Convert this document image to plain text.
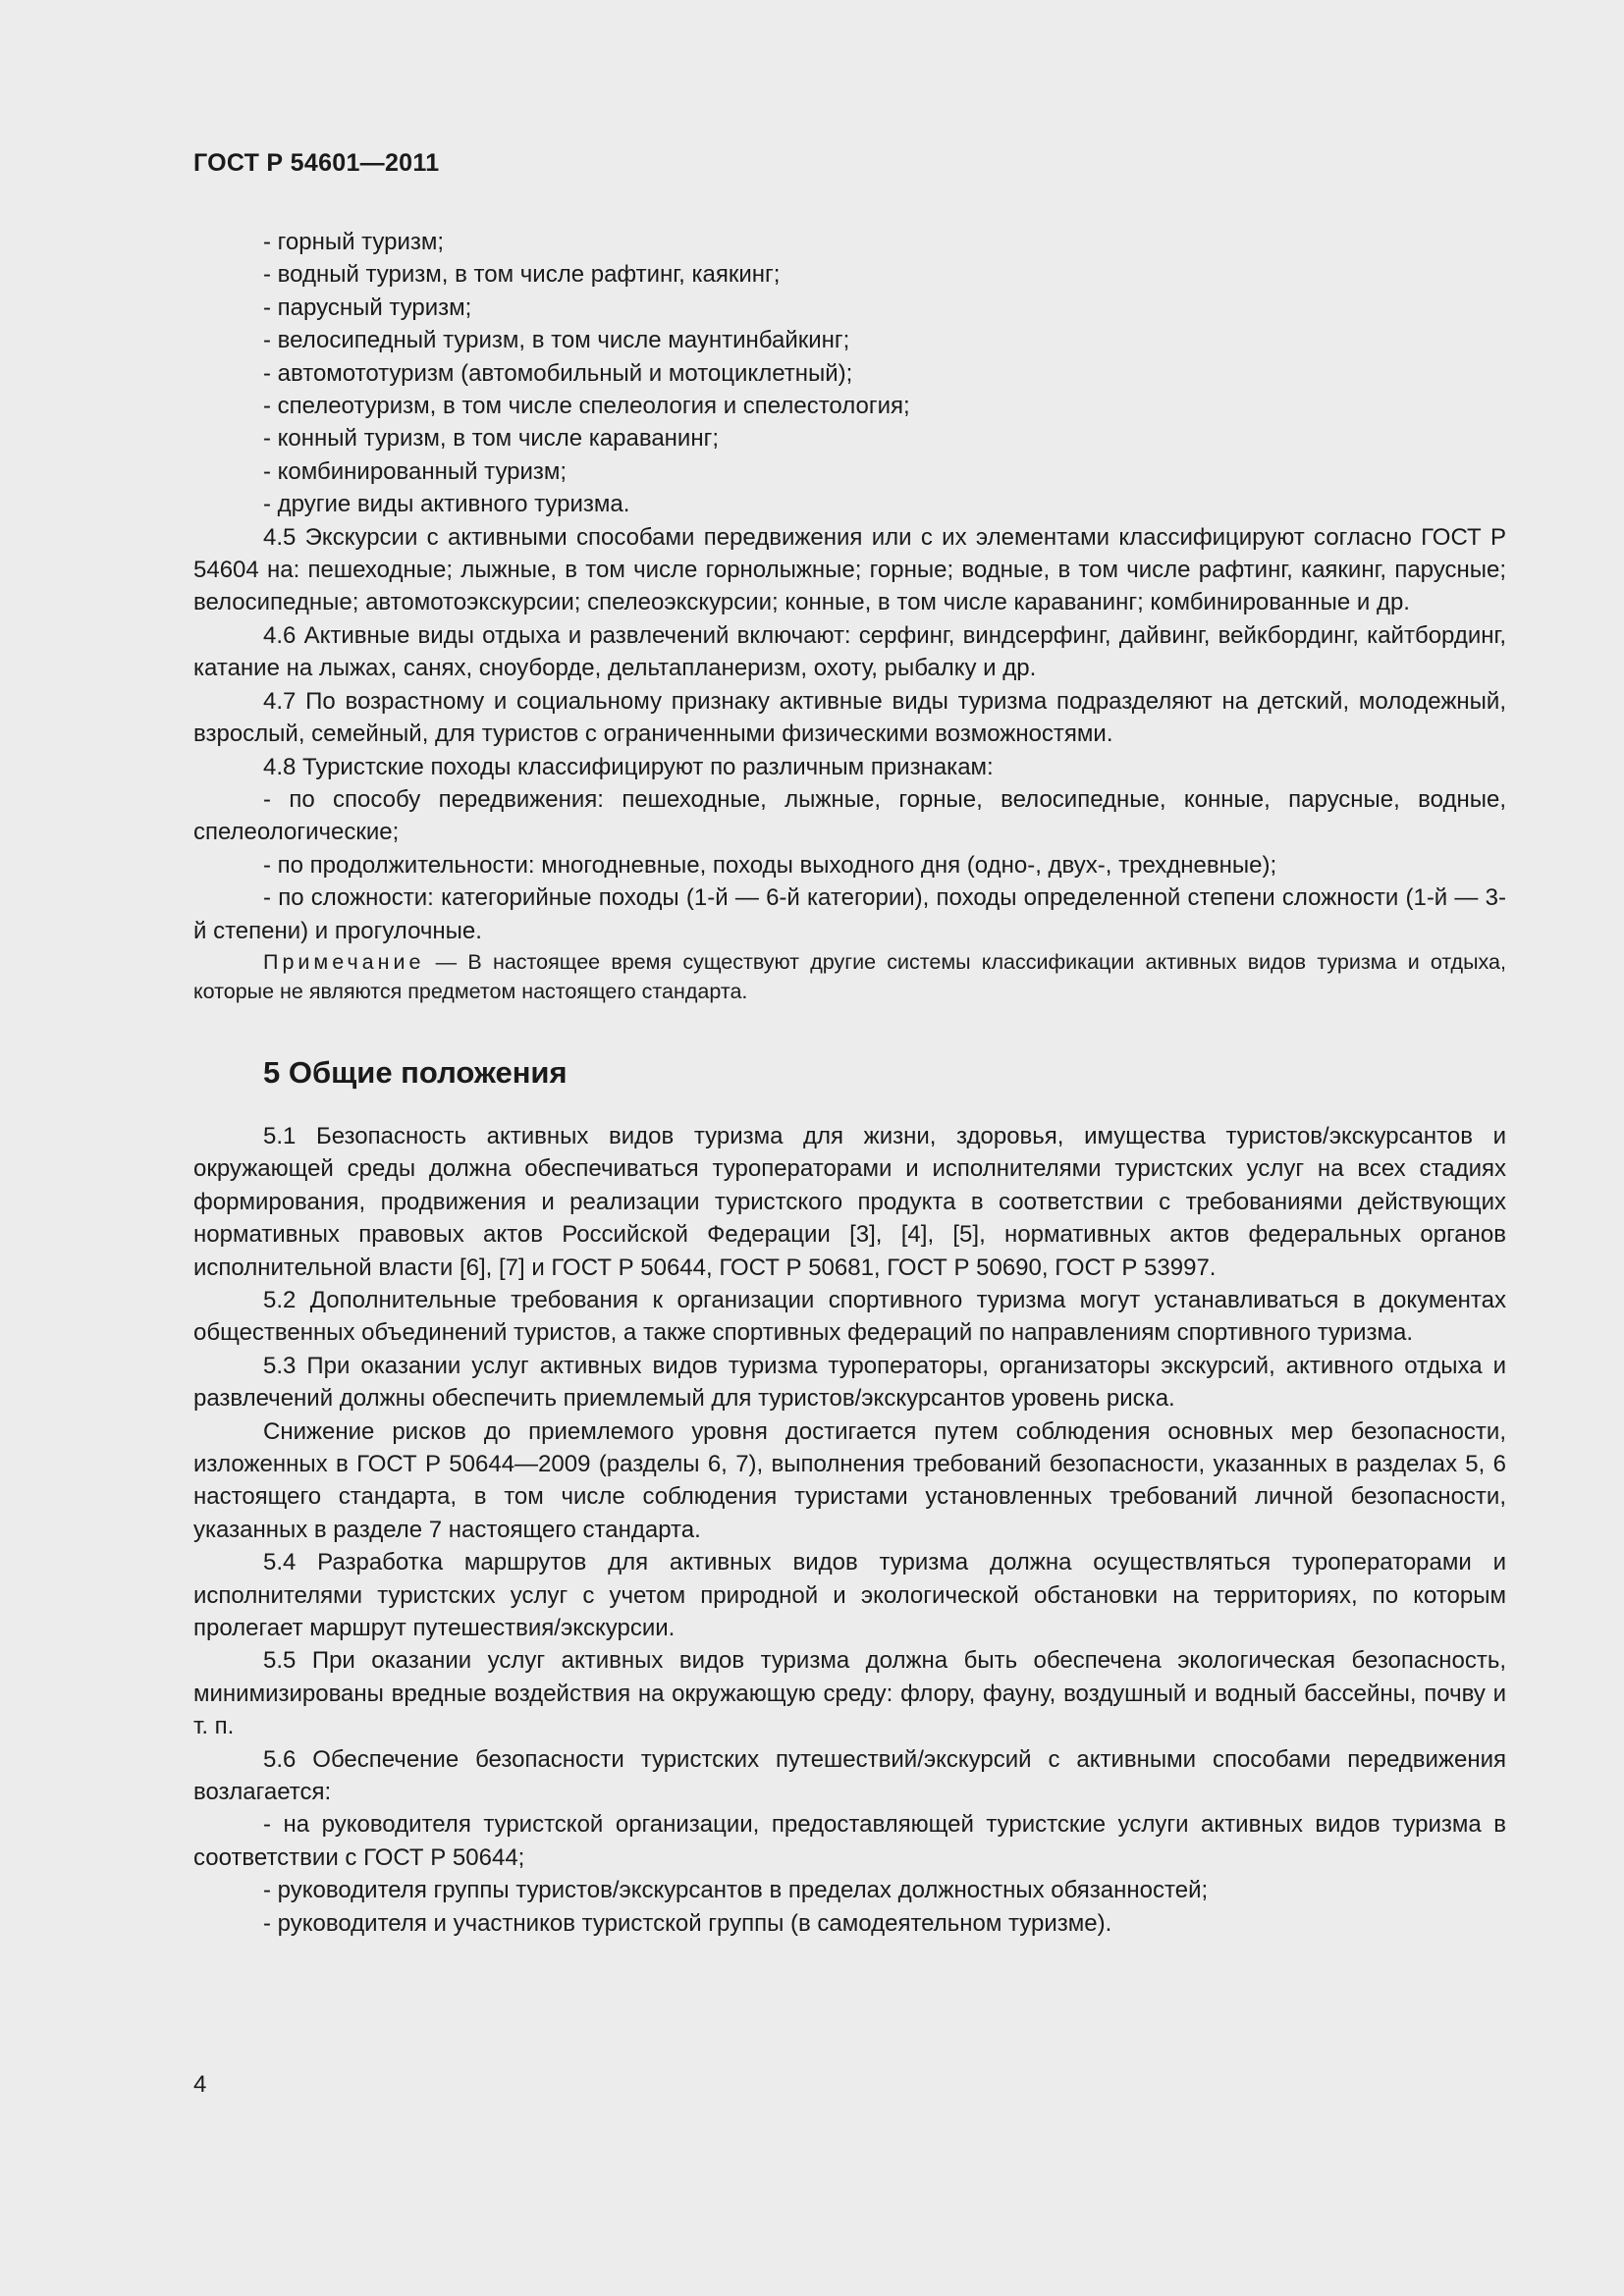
ГОСТ Р 54601—2011

- горный туризм;

- водный туризм, в том числе рафтинг, каякинг;

- парусный туризм;

- велосипедный туризм, в том числе маунтинбайкинг;

- автомототуризм (автомобильный и мотоциклетный);

- спелеотуризм, в том числе спелеология и спелестология;

- конный туризм, в том числе караванинг;

- комбинированный туризм;

- другие виды активного туризма.

4.5 Экскурсии с активными способами передвижения или с их элементами классифицируют согласно ГОСТ Р 54604 на: пешеходные; лыжные, в том числе горнолыжные; горные; водные, в том числе рафтинг, каякинг, парусные; велосипедные; автомотоэкскурсии; спелеоэкскурсии; конные, в том числе караванинг; комбинированные и др.

4.6 Активные виды отдыха и развлечений включают: серфинг, виндсерфинг, дайвинг, вейкбординг, кайтбординг, катание на лыжах, санях, сноуборде, дельтапланеризм, охоту, рыбалку и др.

4.7 По возрастному и социальному признаку активные виды туризма подразделяют на детский, молодежный, взрослый, семейный, для туристов с ограниченными физическими возможностями.

4.8 Туристские походы классифицируют по различным признакам:

- по способу передвижения: пешеходные, лыжные, горные, велосипедные, конные, парусные, водные, спелеологические;

- по продолжительности: многодневные, походы выходного дня (одно-, двух-, трехдневные);

- по сложности: категорийные походы (1-й — 6-й категории), походы определенной степени сложности (1-й — 3-й степени) и прогулочные.

Примечание — В настоящее время существуют другие системы классификации активных видов туризма и отдыха, которые не являются предметом настоящего стандарта.

5 Общие положения

5.1 Безопасность активных видов туризма для жизни, здоровья, имущества туристов/экскурсантов и окружающей среды должна обеспечиваться туроператорами и исполнителями туристских услуг на всех стадиях формирования, продвижения и реализации туристского продукта в соответствии с требованиями действующих нормативных правовых актов Российской Федерации [3], [4], [5], нормативных актов федеральных органов исполнительной власти [6], [7] и ГОСТ Р 50644, ГОСТ Р 50681, ГОСТ Р 50690, ГОСТ Р 53997.

5.2 Дополнительные требования к организации спортивного туризма могут устанавливаться в документах общественных объединений туристов, а также спортивных федераций по направлениям спортивного туризма.

5.3 При оказании услуг активных видов туризма туроператоры, организаторы экскурсий, активного отдыха и развлечений должны обеспечить приемлемый для туристов/экскурсантов уровень риска.

Снижение рисков до приемлемого уровня достигается путем соблюдения основных мер безопасности, изложенных в ГОСТ Р 50644—2009 (разделы 6, 7), выполнения требований безопасности, указанных в разделах 5, 6 настоящего стандарта, в том числе соблюдения туристами установленных требований личной безопасности, указанных в разделе 7 настоящего стандарта.

5.4 Разработка маршрутов для активных видов туризма должна осуществляться туроператорами и исполнителями туристских услуг с учетом природной и экологической обстановки на территориях, по которым пролегает маршрут путешествия/экскурсии.

5.5 При оказании услуг активных видов туризма должна быть обеспечена экологическая безопасность, минимизированы вредные воздействия на окружающую среду: флору, фауну, воздушный и водный бассейны, почву и т. п.

5.6 Обеспечение безопасности туристских путешествий/экскурсий с активными способами передвижения возлагается:

- на руководителя туристской организации, предоставляющей туристские услуги активных видов туризма в соответствии с ГОСТ Р 50644;

- руководителя группы туристов/экскурсантов в пределах должностных обязанностей;

- руководителя и участников туристской группы (в самодеятельном туризме).

4
